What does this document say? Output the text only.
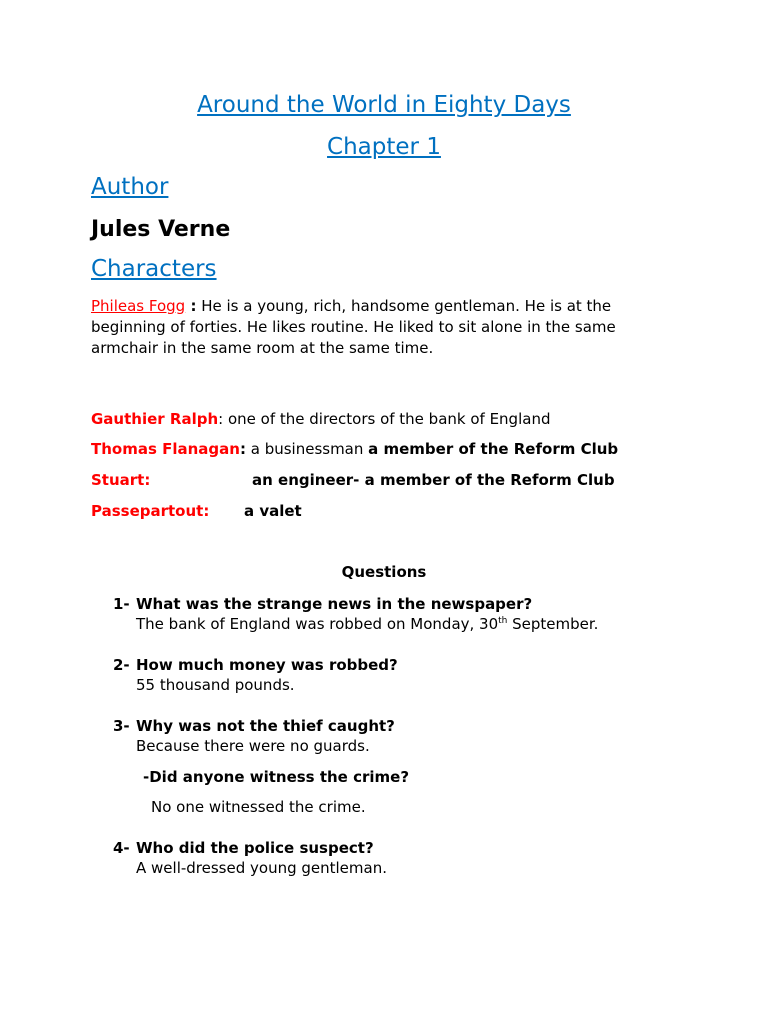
Around the World in Eighty Days
Chapter 1
Author
Jules Verne
Characters
Phileas Fogg : He is a young, rich, handsome gentleman. He is at the beginning of forties. He likes routine. He liked to sit alone in the same armchair in the same room at the same time.
Gauthier Ralph: one of the directors of the bank of England
Thomas Flanagan: a businessman a member of the Reform Club
Stuart:	an engineer- a member of the Reform Club
Passepartout: a valet
Questions
1- What was the strange news in the newspaper?
The bank of England was robbed on Monday, 30th September.
2- How much money was robbed?
55 thousand pounds.
3- Why was not the thief caught?
Because there were no guards.
-Did anyone witness the crime?
No one witnessed the crime.
4- Who did the police suspect?
A well-dressed young gentleman.
